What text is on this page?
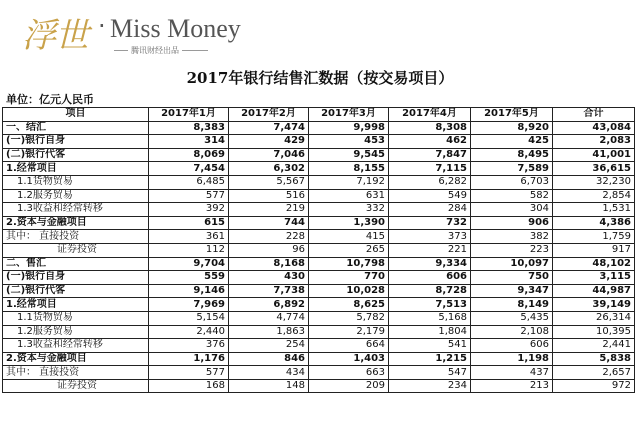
浮世 · Miss Money
腾讯财经出品
2017年银行结售汇数据（按交易项目）
单位：亿元人民币
项目	2017年1月	2017年2月	2017年3月	2017年4月	2017年5月	合计
一、结汇	8,383	7,474	9,998	8,308	8,920	43,084
(一)银行自身	314	429	453	462	425	2,083
(二)银行代客	8,069	7,046	9,545	7,847	8,495	41,001
1.经常项目	7,454	6,302	8,155	7,115	7,589	36,615
1.1货物贸易	6,485	5,567	7,192	6,282	6,703	32,230
1.2服务贸易	577	516	631	549	582	2,854
1.3收益和经常转移	392	219	332	284	304	1,531
2.资本与金融项目	615	744	1,390	732	906	4,386
其中： 直接投资	361	228	415	373	382	1,759
证券投资	112	96	265	221	223	917
二、售汇	9,704	8,168	10,798	9,334	10,097	48,102
(一)银行自身	559	430	770	606	750	3,115
(二)银行代客	9,146	7,738	10,028	8,728	9,347	44,987
1.经常项目	7,969	6,892	8,625	7,513	8,149	39,149
1.1货物贸易	5,154	4,774	5,782	5,168	5,435	26,314
1.2服务贸易	2,440	1,863	2,179	1,804	2,108	10,395
1.3收益和经常转移	376	254	664	541	606	2,441
2.资本与金融项目	1,176	846	1,403	1,215	1,198	5,838
其中： 直接投资	577	434	663	547	437	2,657
证券投资	168	148	209	234	213	972
